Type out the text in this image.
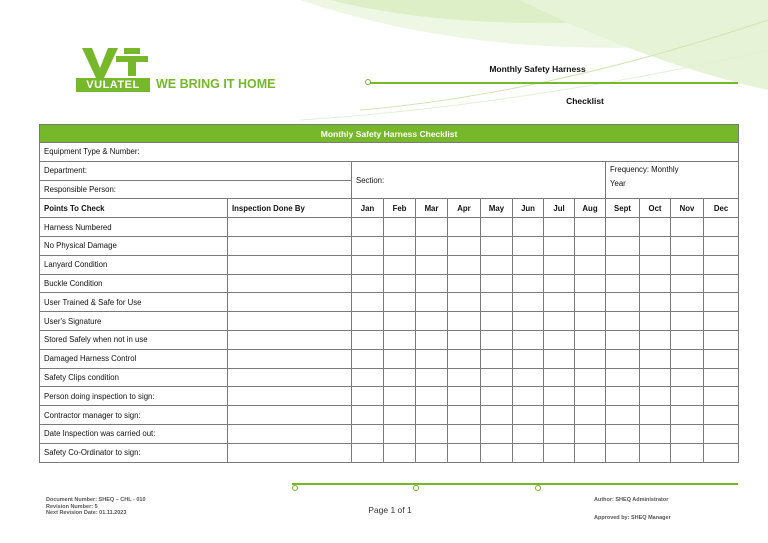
VULATEL	WE BRING IT HOME
Monthly Safety Harness
Checklist
Monthly Safety Harness Checklist													
Equipment Type & Number:													
Department:		Section:								Frequency: Monthly
Year			

Responsible Person:													
Points To Check	Inspection Done By	Jan	Feb	Mar	Apr	May	Jun	Jul	Aug	Sept	Oct	Nov	Dec
Harness Numbered													
No Physical Damage													
Lanyard Condition													
Buckle Condition													
User Trained & Safe for Use													
User's Signature													
Stored Safely when not in use													
Damaged Harness Control													
Safety Clips condition													
Person doing inspection to sign:													
Contractor manager to sign:													
Date Inspection was carried out:													
Safety Co-Ordinator to sign:													
Document Number: SHEQ – CHL - 010
Revision Number: 5
Next Revision Date: 01.11.2023	Page 1 of 1
Author: SHEQ Administrator
Approved by: SHEQ Manager
